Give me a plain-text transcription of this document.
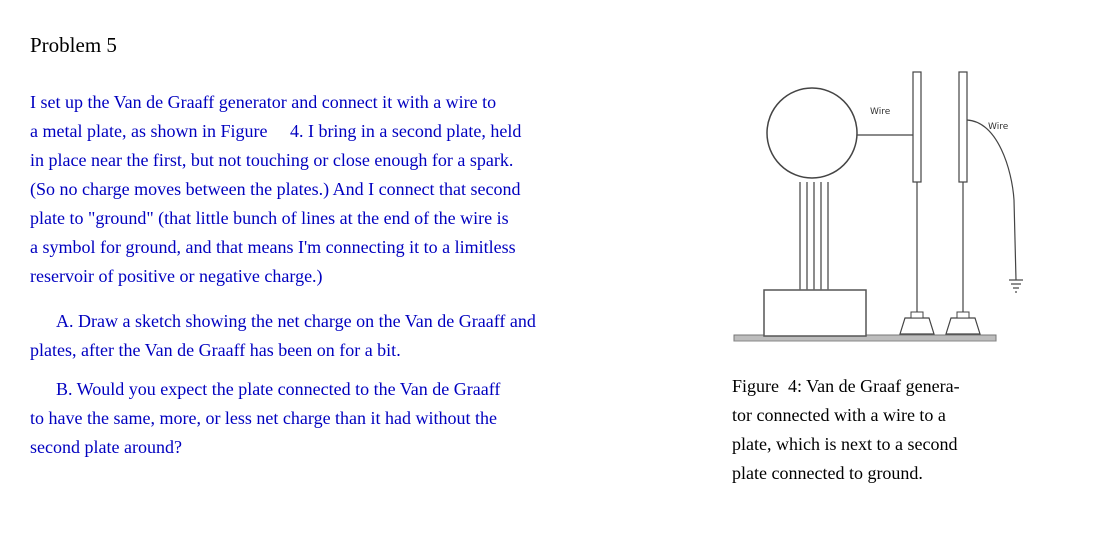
Problem 5
I set up the Van de Graaff generator and connect it with a wire to
a metal plate, as shown in Figure     4. I bring in a second plate, held
in place near the first, but not touching or close enough for a spark.
(So no charge moves between the plates.) And I connect that second
plate to "ground" (that little bunch of lines at the end of the wire is
a symbol for ground, and that means I'm connecting it to a limitless
reservoir of positive or negative charge.)
A. Draw a sketch showing the net charge on the Van de Graaff and
plates, after the Van de Graaff has been on for a bit.
B. Would you expect the plate connected to the Van de Graaff
to have the same, more, or less net charge than it had without the
second plate around?
Wire
Wire
Figure  4: Van de Graaf genera-
tor connected with a wire to a
plate, which is next to a second
plate connected to ground.
